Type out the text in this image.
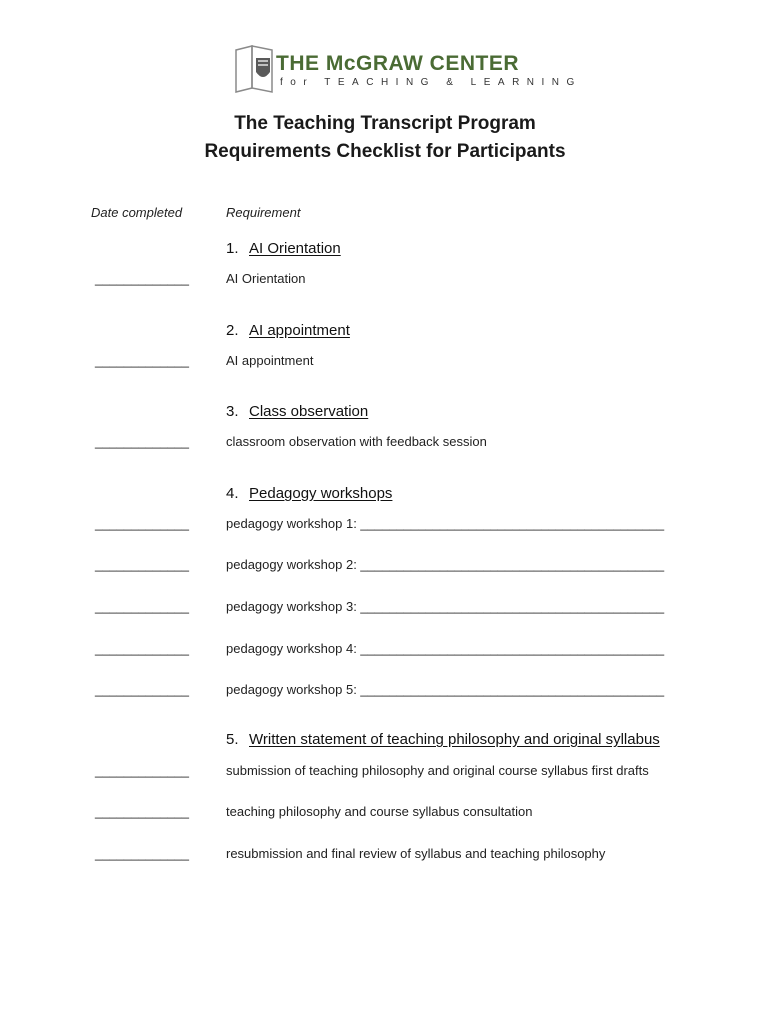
THE McGRAW CENTER
for TEACHING & LEARNING
The Teaching Transcript Program
Requirements Checklist for Participants
Date completed	Requirement
1. AI Orientation
_____________	AI Orientation
2. AI appointment
_____________	AI appointment
3. Class observation
_____________	classroom observation with feedback session
4. Pedagogy workshops
_____________	pedagogy workshop 1: __________________________________________
_____________	pedagogy workshop 2: __________________________________________
_____________	pedagogy workshop 3: __________________________________________
_____________	pedagogy workshop 4: __________________________________________
_____________	pedagogy workshop 5: __________________________________________
5. Written statement of teaching philosophy and original syllabus
_____________	submission of teaching philosophy and original course syllabus first drafts
_____________	teaching philosophy and course syllabus consultation
_____________	resubmission and final review of syllabus and teaching philosophy
